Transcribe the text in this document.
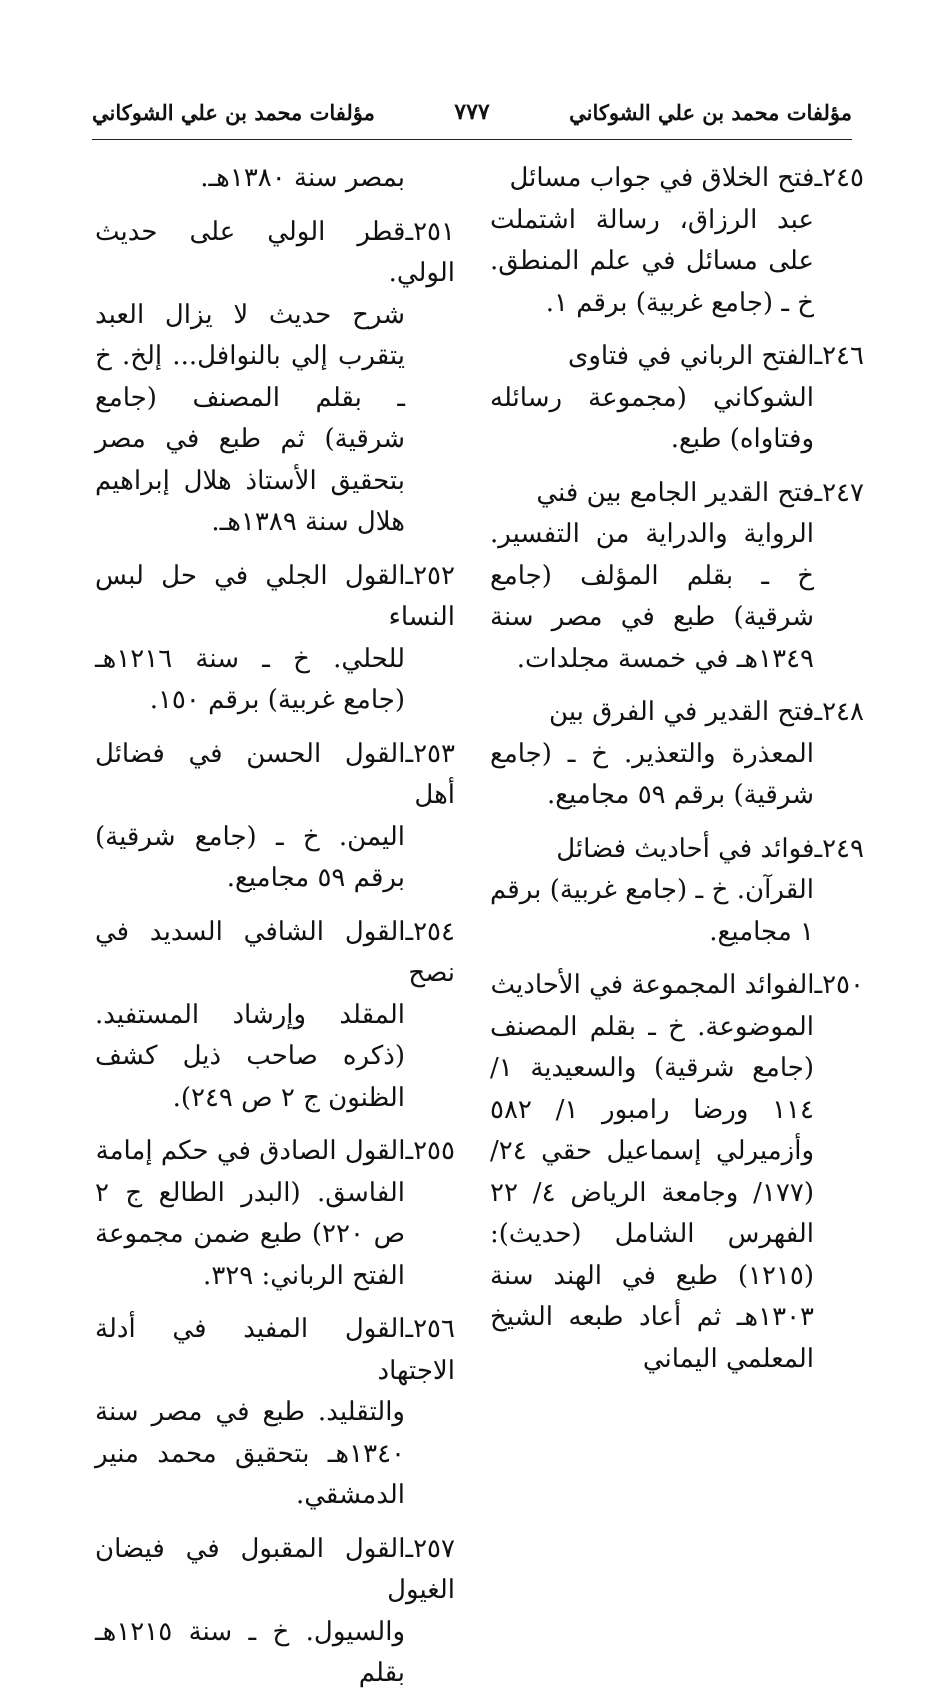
مؤلفات محمد بن علي الشوكاني
٧٧٧
مؤلفات محمد بن علي الشوكاني
٢٤٥ـفتح الخلاق في جواب مسائل
عبد الرزاق، رسالة اشتملت على مسائل في علم المنطق. خ ـ (جامع غربية) برقم ١.
٢٤٦ـالفتح الرباني في فتاوى
الشوكاني (مجموعة رسائله وفتاواه) طبع.
٢٤٧ـفتح القدير الجامع بين فني
الرواية والدراية من التفسير. خ ـ بقلم المؤلف (جامع شرقية) طبع في مصر سنة ١٣٤٩هـ في خمسة مجلدات.
٢٤٨ـفتح القدير في الفرق بين
المعذرة والتعذير. خ ـ (جامع شرقية) برقم ٥٩ مجاميع.
٢٤٩ـفوائد في أحاديث فضائل
القرآن. خ ـ (جامع غربية) برقم ١ مجاميع.
٢٥٠ـالفوائد المجموعة في الأحاديث
الموضوعة. خ ـ بقلم المصنف (جامع شرقية) والسعيدية ١/ ١١٤ ورضا رامبور ١/ ٥٨٢ وأزميرلي إسماعيل حقي ٢٤/ (١٧٧/ وجامعة الرياض ٤/ ٢٢ الفهرس الشامل (حديث): (١٢١٥) طبع في الهند سنة ١٣٠٣هـ ثم أعاد طبعه الشيخ المعلمي اليماني
بمصر سنة ١٣٨٠هـ.
٢٥١ـقطر الولي على حديث الولي.
شرح حديث لا يزال العبد يتقرب إلي بالنوافل... إلخ. خ ـ بقلم المصنف (جامع شرقية) ثم طبع في مصر بتحقيق الأستاذ هلال إبراهيم هلال سنة ١٣٨٩هـ.
٢٥٢ـالقول الجلي في حل لبس النساء
للحلي. خ ـ سنة ١٢١٦هـ (جامع غربية) برقم ١٥٠.
٢٥٣ـالقول الحسن في فضائل أهل
اليمن. خ ـ (جامع شرقية) برقم ٥٩ مجاميع.
٢٥٤ـالقول الشافي السديد في نصح
المقلد وإرشاد المستفيد. (ذكره صاحب ذيل كشف الظنون ج ٢ ص ٢٤٩).
٢٥٥ـالقول الصادق في حكم إمامة
الفاسق. (البدر الطالع ج ٢ ص ٢٢٠) طبع ضمن مجموعة الفتح الرباني: ٣٢٩.
٢٥٦ـالقول المفيد في أدلة الاجتهاد
والتقليد. طبع في مصر سنة ١٣٤٠هـ بتحقيق محمد منير الدمشقي.
٢٥٧ـالقول المقبول في فيضان الغيول
والسيول. خ ـ سنة ١٢١٥هـ بقلم
